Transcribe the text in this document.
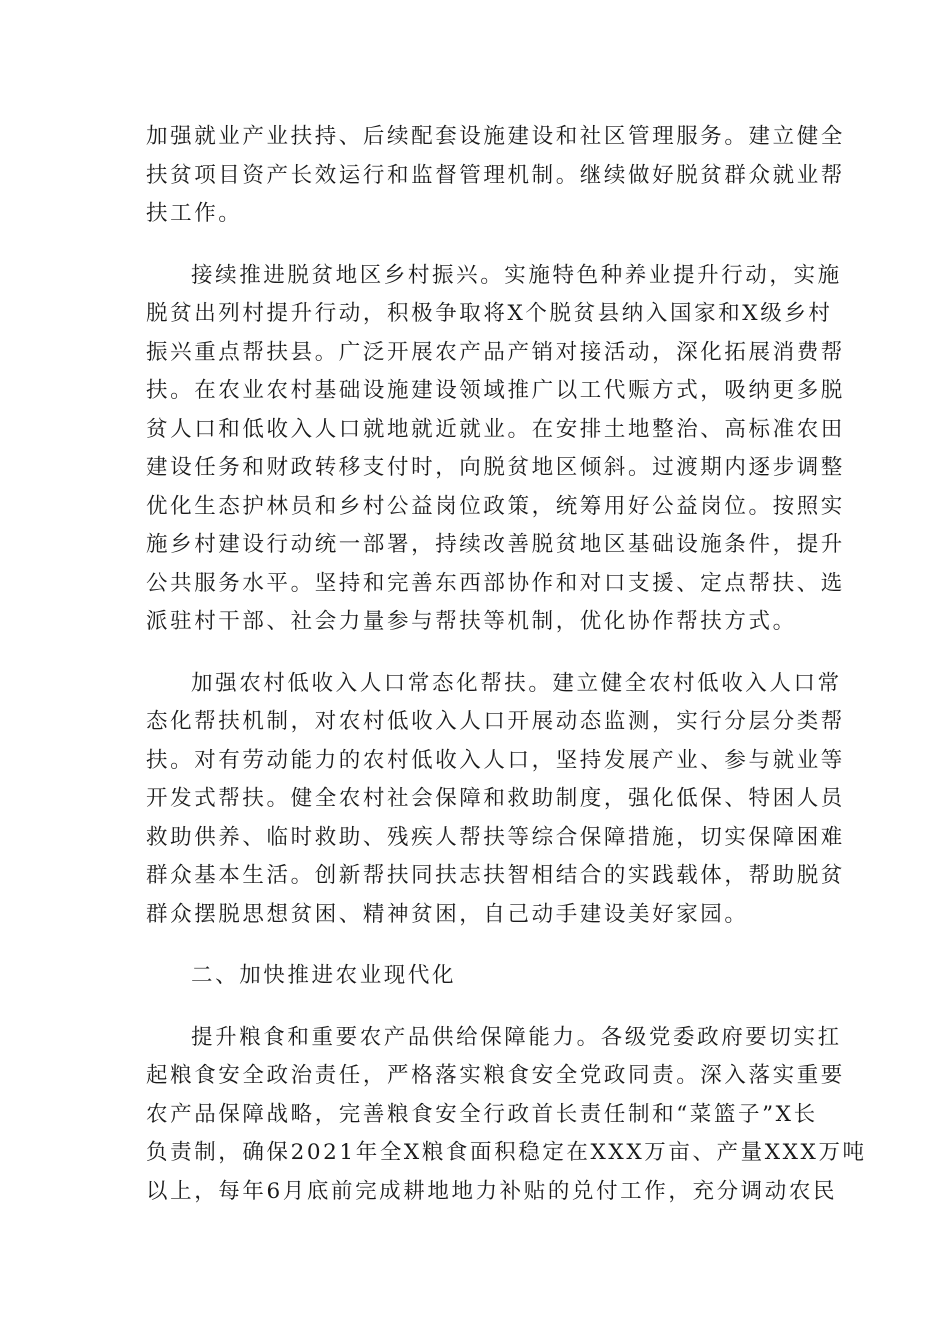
加强就业产业扶持、后续配套设施建设和社区管理服务。建立健全
扶贫项目资产长效运行和监督管理机制。继续做好脱贫群众就业帮
扶工作。

接续推进脱贫地区乡村振兴。实施特色种养业提升行动，实施
脱贫出列村提升行动，积极争取将X个脱贫县纳入国家和X级乡村
振兴重点帮扶县。广泛开展农产品产销对接活动，深化拓展消费帮
扶。在农业农村基础设施建设领域推广以工代赈方式，吸纳更多脱
贫人口和低收入人口就地就近就业。在安排土地整治、高标准农田
建设任务和财政转移支付时，向脱贫地区倾斜。过渡期内逐步调整
优化生态护林员和乡村公益岗位政策，统筹用好公益岗位。按照实
施乡村建设行动统一部署，持续改善脱贫地区基础设施条件，提升
公共服务水平。坚持和完善东西部协作和对口支援、定点帮扶、选
派驻村干部、社会力量参与帮扶等机制，优化协作帮扶方式。

加强农村低收入人口常态化帮扶。建立健全农村低收入人口常
态化帮扶机制，对农村低收入人口开展动态监测，实行分层分类帮
扶。对有劳动能力的农村低收入人口，坚持发展产业、参与就业等
开发式帮扶。健全农村社会保障和救助制度，强化低保、特困人员
救助供养、临时救助、残疾人帮扶等综合保障措施，切实保障困难
群众基本生活。创新帮扶同扶志扶智相结合的实践载体，帮助脱贫
群众摆脱思想贫困、精神贫困，自己动手建设美好家园。

二、加快推进农业现代化

提升粮食和重要农产品供给保障能力。各级党委政府要切实扛
起粮食安全政治责任，严格落实粮食安全党政同责。深入落实重要
农产品保障战略，完善粮食安全行政首长责任制和“菜篮子”X长
负责制，确保2021年全X粮食面积稳定在XXX万亩、产量XXX万吨
以上，每年6月底前完成耕地地力补贴的兑付工作，充分调动农民
